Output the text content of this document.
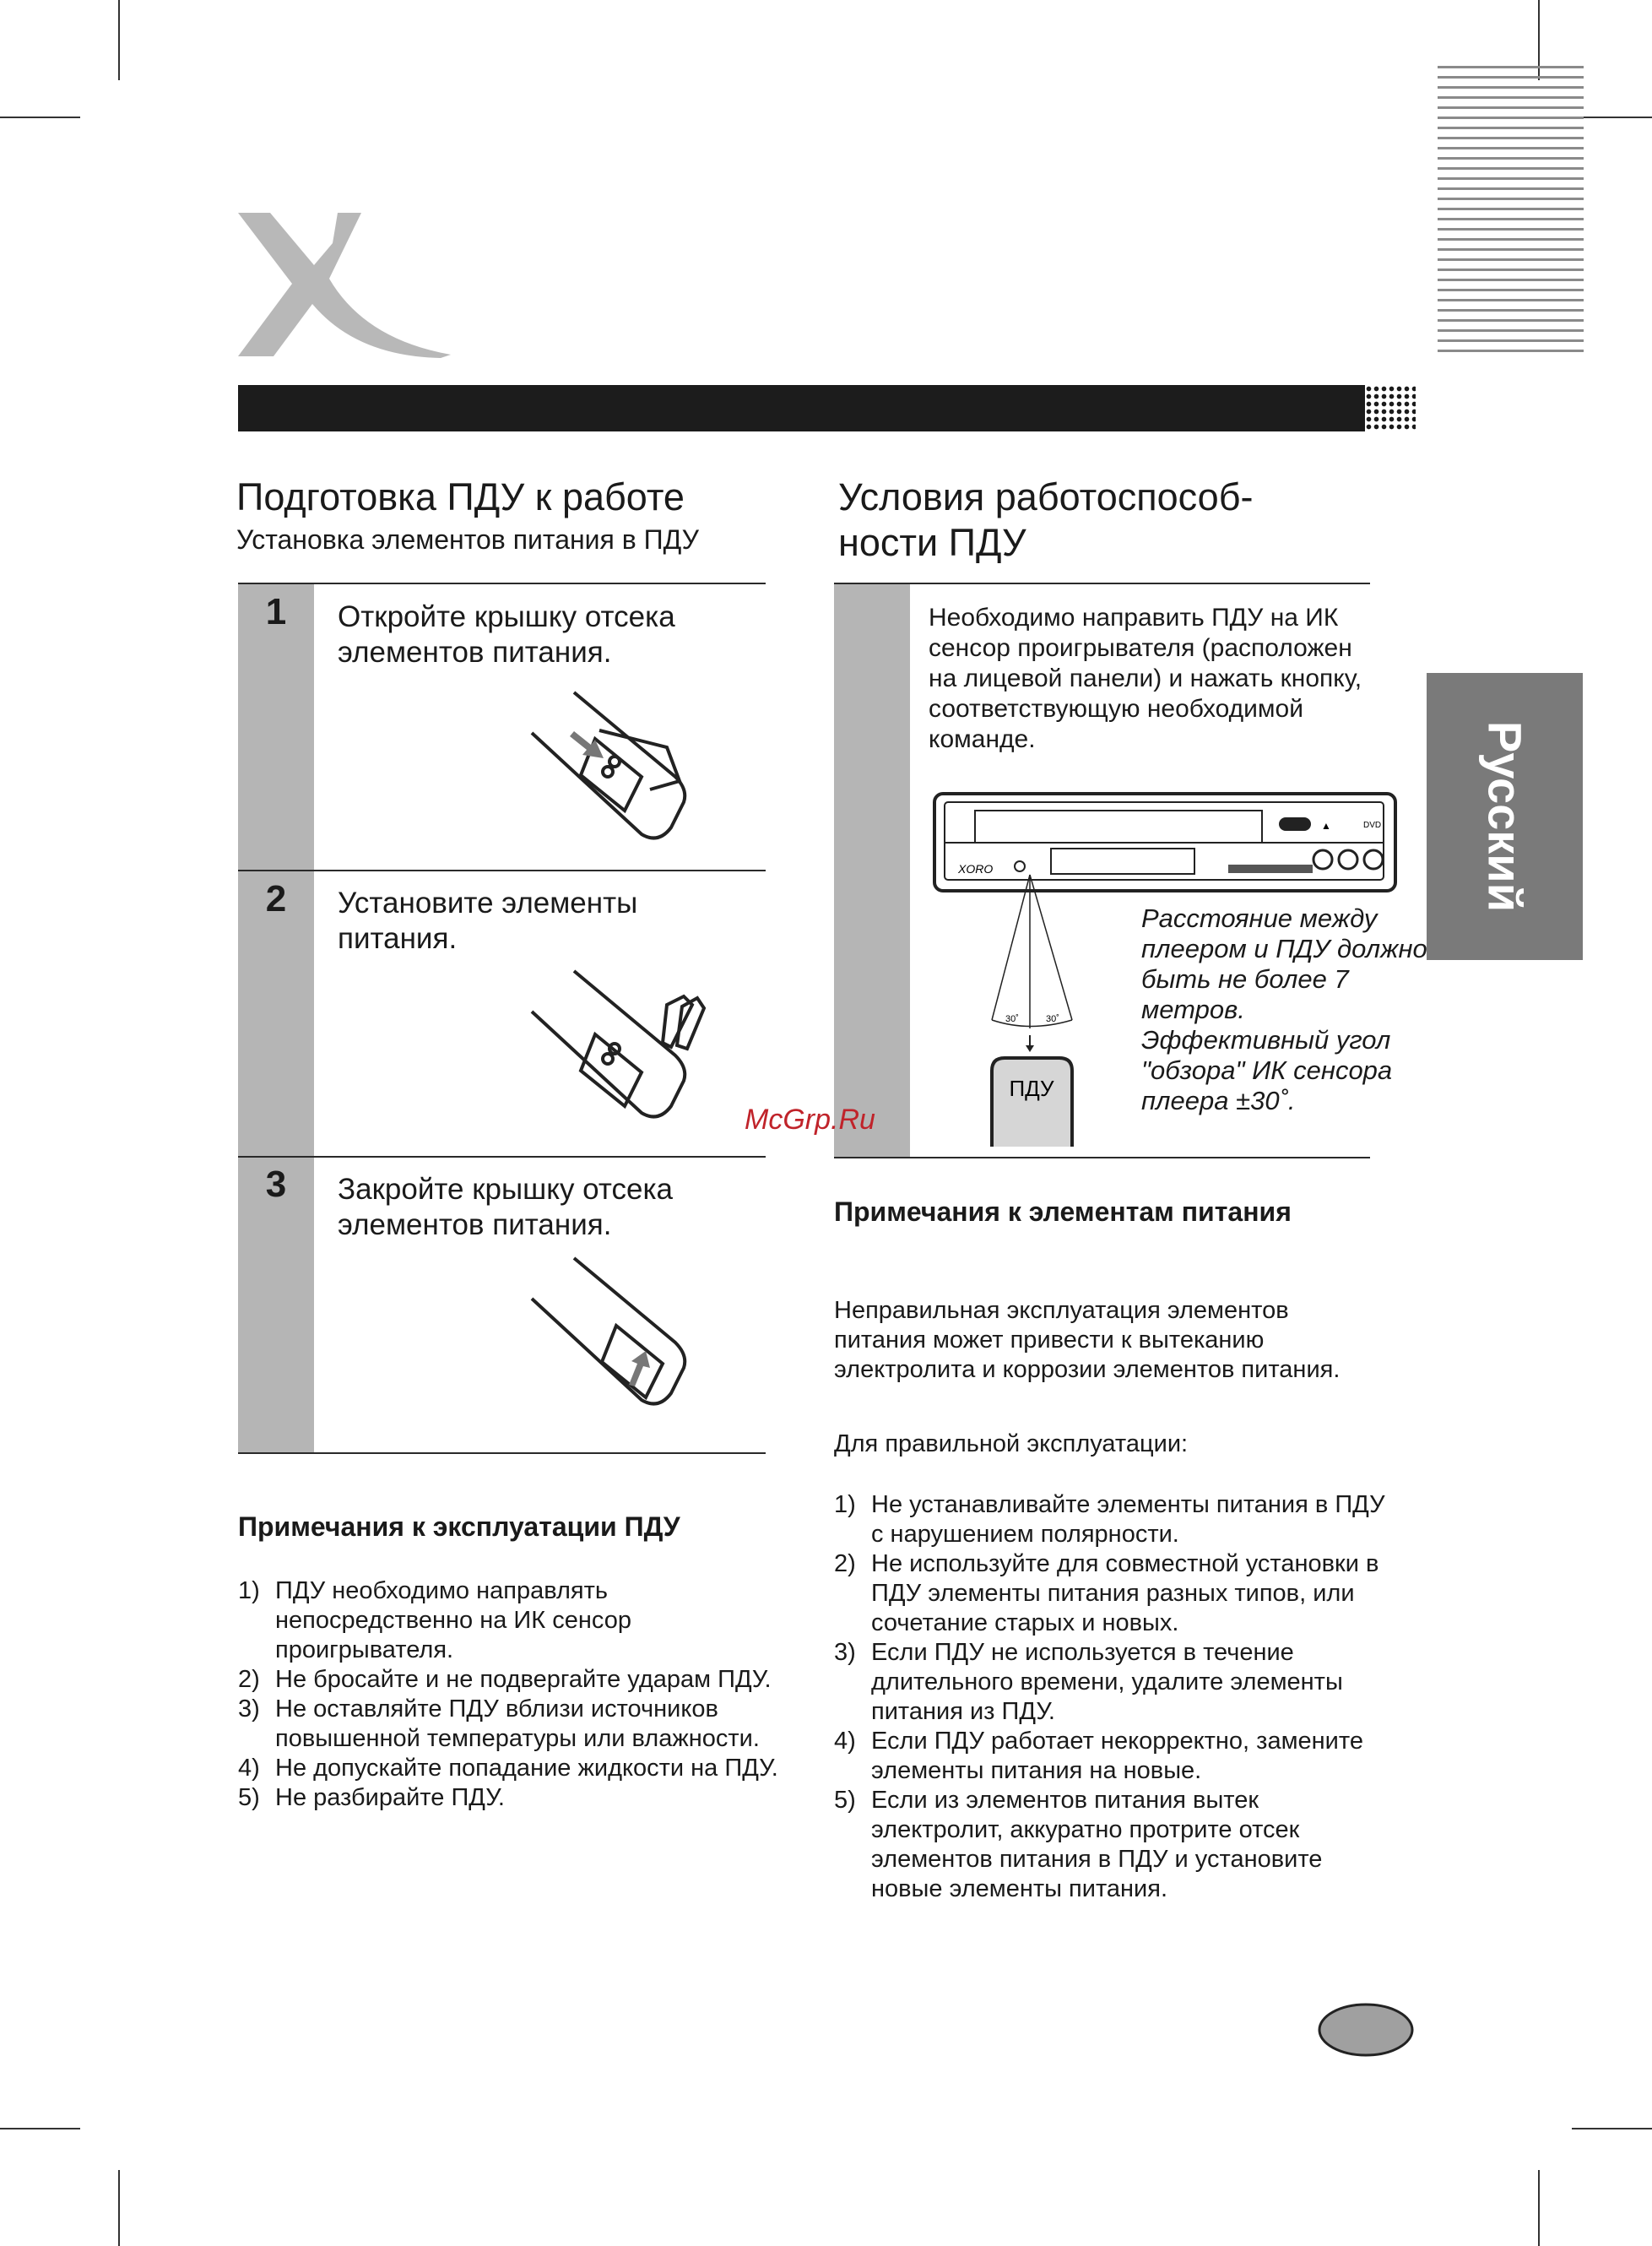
Русский
Подготовка ПДУ к работе
Установка элементов питания в ПДУ
1	Откройте крышку отсека элементов питания.
2	Установите элементы питания.
3	Закройте крышку отсека элементов питания.
Примечания к эксплуатации ПДУ
1) ПДУ необходимо направлять непосредственно на ИК сенсор проигрывателя.
2) Не бросайте и не подвергайте ударам ПДУ.
3) Не оставляйте ПДУ вблизи источников повышенной температуры или влажности.
4) Не допускайте попадание жидкости на ПДУ.
5) Не разбирайте ПДУ.
Условия работоспособ-
ности ПДУ
Необходимо направить ПДУ на ИК сенсор проигрывателя (расположен на лицевой панели) и нажать кнопку, соответствующую необходимой команде.
▲	DVD
XORO
30˚	30˚
ПДУ
Расстояние между плеером и ПДУ должно быть не более 7 метров. Эффективный угол "обзора" ИК сенсора плеера ±30˚.
Примечания к элементам питания
Неправильная эксплуатация элементов питания может привести к вытеканию электролита и коррозии элементов питания.
Для правильной эксплуатации:
1) Не устанавливайте элементы питания в ПДУ с нарушением полярности.
2) Не используйте для совместной установки в ПДУ элементы питания разных типов, или сочетание старых и новых.
3) Если ПДУ не используется в течение длительного времени, удалите элементы питания из ПДУ.
4) Если ПДУ работает некорректно, замените элементы питания на новые.
5) Если из элементов питания вытек электролит, аккуратно протрите отсек элементов питания в ПДУ и установите новые элементы питания.
McGrp.Ru
